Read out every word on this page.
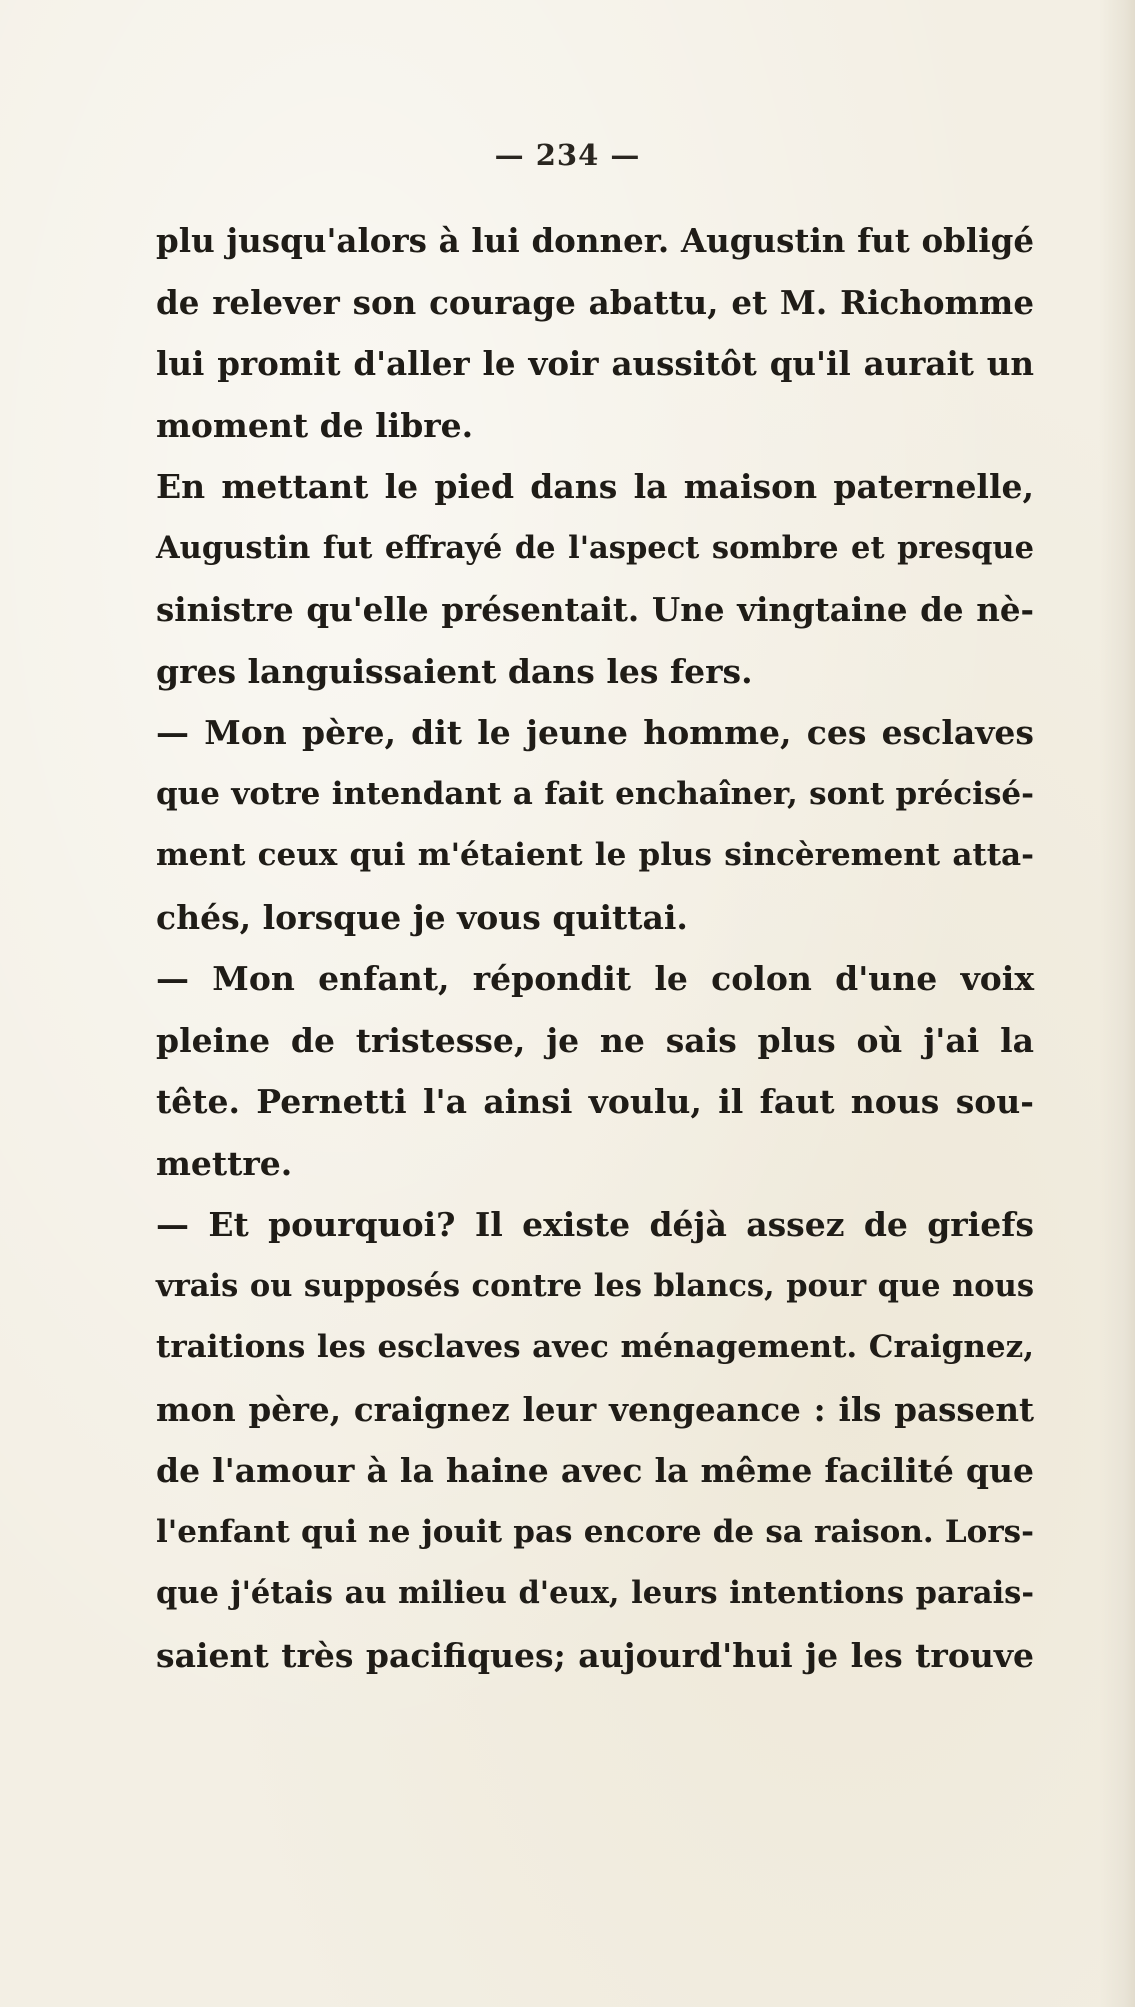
— 234 —
plu jusqu'alors à lui donner. Augustin fut obligé
de relever son courage abattu, et M. Richomme
lui promit d'aller le voir aussitôt qu'il aurait un
moment de libre.
En mettant le pied dans la maison paternelle,
Augustin fut effrayé de l'aspect sombre et presque
sinistre qu'elle présentait. Une vingtaine de nè-
gres languissaient dans les fers.
— Mon père, dit le jeune homme, ces esclaves
que votre intendant a fait enchaîner, sont précisé-
ment ceux qui m'étaient le plus sincèrement atta-
chés, lorsque je vous quittai.
— Mon enfant, répondit le colon d'une voix
pleine de tristesse, je ne sais plus où j'ai la
tête. Pernetti l'a ainsi voulu, il faut nous sou-
mettre.
— Et pourquoi? Il existe déjà assez de griefs
vrais ou supposés contre les blancs, pour que nous
traitions les esclaves avec ménagement. Craignez,
mon père, craignez leur vengeance : ils passent
de l'amour à la haine avec la même facilité que
l'enfant qui ne jouit pas encore de sa raison. Lors-
que j'étais au milieu d'eux, leurs intentions parais-
saient très pacifiques; aujourd'hui je les trouve
